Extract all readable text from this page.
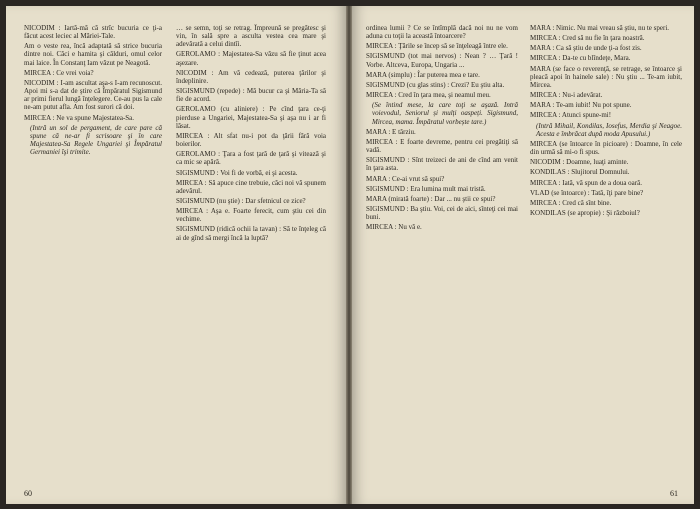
NICODIM : Iartă-mă că strîc bucuria ce ţi-a făcut acest leciec al Măriei-Tale.
Am o veste rea, încă adaptată să strice bucuria dintre noi. Căci e hamita şi câlduri, omul celor mai laice. În Constanţ Iam văzut pe Neagotă.
MIRCEA : Ce vrei voia?
NICODIM : I-am ascultat aşa-s I-am recunoscut. Apoi mi s-a dat de ştire că Împăratul Sigismund ar primi fierul lungă înțelegere. Ce-au pus la cale ne-am putut afla. Am fost surori că doi.
MIRCEA : Ne va spune Majestatea-Sa.
(Intră un sol de pergament, de care pare că spune că ne-ar fi scrisoare şi în care Majestatea-Sa Regele Ungariei şi Împăratul Germaniei îşi trimite.
… se semn, toţi se retrag. Împreună se pregătesc şi vin, în sală spre a asculta vestea cea mare şi adevărată a celui dintîi.
GEROLAMO : Majestatea-Sa văzu să fie ţinut acea aşezare.
NICODIM : Am vă cedează, puterea ţărilor şi îndeplinire.
SIGISMUND (repede) : Mă bucur ca şi Măria-Ta să fie de acord.
GEROLAMO (cu aliniere) : Pe cînd ţara ce-ţi pierduse a Ungariei, Majestatea-Sa şi aşa nu i ar fi lăsat.
MIRCEA : Alt sfat nu-i pot da ţării fără voia boierilor.
GEROLAMO : Ţara a fost ţară de ţară şi vitează şi ca mic se apără.
SIGISMUND : Voi fi de vorbă, ei şi acesta.
MIRCEA : Să apuce cine trebuie, căci noi vă spunem adevărul.
SIGISMUND (nu ştie) : Dar sfetnicul ce zice?
MIRCEA : Aşa e. Foarte ferecit, cum ştiu cei din vechime.
SIGISMUND (ridică ochii la tavan) : Să te înţeleg că ai de gînd să mergi încă la luptă?
60
ordinea lumii ? Ce se întîmplă dacă noi nu ne vom aduna cu toţii la această întoarcere?
MIRCEA : Ţările se încep să se înţeleagă între ele.
SIGISMUND (tot mai nervos) : Nean ? … Ţară ! Vorbe. Altceva, Europa, Ungaria ...
MARA (simplu) : Îar puterea mea e tare.
SIGISMUND (cu glas stins) : Crezi? Eu ştiu alta.
MIRCEA : Cred în ţara mea, şi neamul meu.
(Se întind mese, la care toţi se aşază. Intră voievodul, Seniorul și mulți oaspeți. Sigismund, Mircea, mama. Împăratul vorbește tare.)
MARA : E târziu.
MIRCEA : E foarte devreme, pentru cei pregătiţi să vadă.
SIGISMUND : Sînt treizeci de ani de cînd am venit în ţara asta.
MARA : Ce-ai vrut să spui?
SIGISMUND : Era lumina mult mai tristă.
MARA (mirată foarte) : Dar ... nu ştii ce spui?
SIGISMUND : Ba ştiu. Voi, cei de aici, sînteţi cei mai buni.
MIRCEA : Nu vă e.
MARA : Nimic. Nu mai vreau să ştiu, nu te speri.
MIRCEA : Cred să nu fie în ţara noastră.
MARA : Ca să ştiu de unde ţi-a fost zis.
MIRCEA : Da-te cu blîndeţe, Mara.
MARA (se face o reverenţă, se retrage, se întoarce şi pleacă apoi în hainele sale) : Nu ştiu ... Te-am iubit, Mircea.
MIRCEA : Nu-i adevărat.
MARA : Te-am iubit! Nu pot spune.
MIRCEA : Atunci spune-mi!
(Intră Mihail, Kondilas, Iosefus, Merdia şi Neagoe. Acesta e îmbrăcat după moda Apusului.)
MIRCEA (se întoarce în picioare) : Doamne, în cele din urmă să mi-o fi spus.
NICODIM : Doamne, luaţi aminte.
KONDILAS : Slujitorul Domnului.
MIRCEA : Iată, vă spun de a doua oară.
VLAD (se întoarce) : Tată, îţi pare bine?
MIRCEA : Cred că sînt bine.
KONDILAS (se apropie) : Şi războiul?
61
